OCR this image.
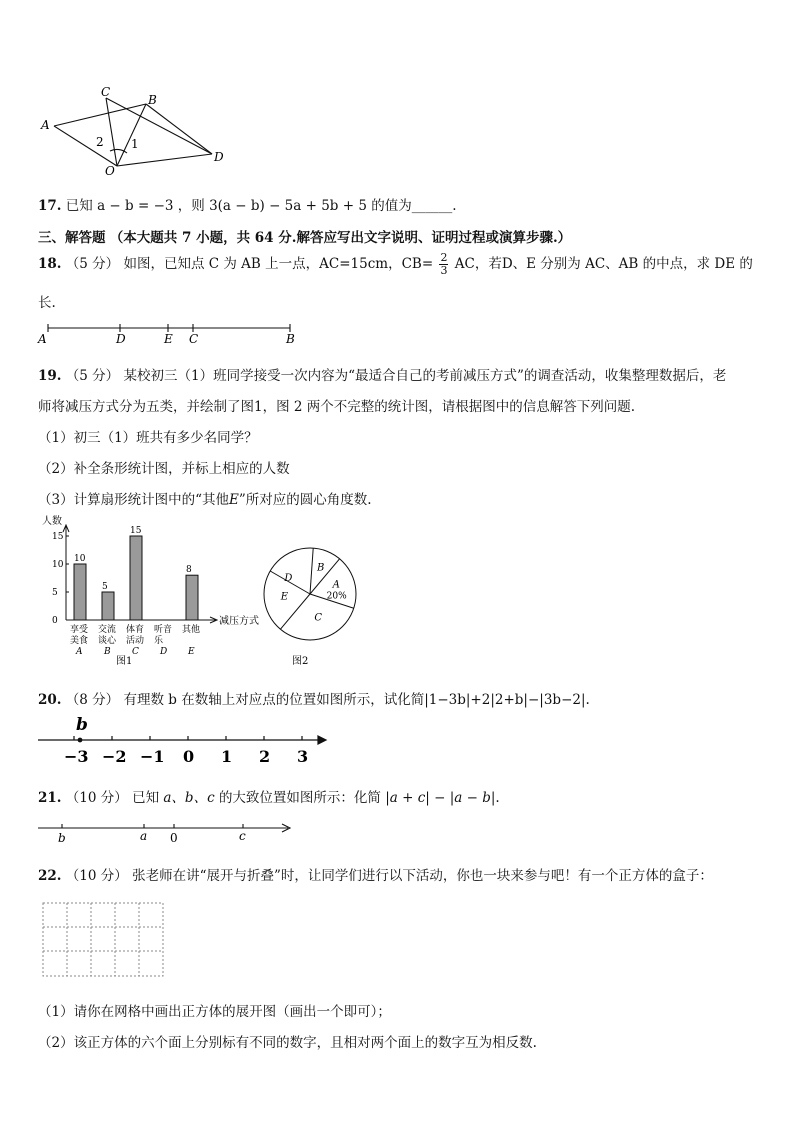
C
B
A
D
O
2 1
17. 已知 a − b = −3 ，则 3(a − b) − 5a + 5b + 5 的值为______.
三、解答题 （本大题共 7 小题，共 64 分.解答应写出文字说明、证明过程或演算步骤.）
18. （5 分） 如图，已知点 C 为 AB 上一点，AC=15cm，$CB= \frac{2}{3}$ AC，若D、E 分别为 AC、AB 的中点，求 DE 的
长.
A	D	E C	B
19. （5 分） 某校初三（1）班同学接受一次内容为“最适合自己的考前减压方式”的调查活动，收集整理数据后，老
师将减压方式分为五类，并绘制了图1，图 2 两个不完整的统计图，请根据图中的信息解答下列问题.
（1）初三（1）班共有多少名同学？
（2）补全条形统计图，并标上相应的人数
（3）计算扇形统计图中的“其他E”所对应的圆心角度数.
人数
减压方式
图1
0
5
10
15
10
享受
美食
A
5
交流
谈心
B
15
体育
活动
C
听音
乐
D
8
其他
E
图2
A
20%
B
C
D
E
20. （8 分） 有理数 b 在数轴上对应点的位置如图所示，试化简|1−3b|+2|2+b|−|3b−2|.
b
−3 −2 −1 0 1 2 3
21. （10 分） 已知 a、b、c 的大致位置如图所示：化简 |a + c| − |a − b|.
b	a 0	c
22. （10 分） 张老师在讲“展开与折叠”时，让同学们进行以下活动，你也一块来参与吧！有一个正方体的盒子：
（1）请你在网格中画出正方体的展开图（画出一个即可）；
（2）该正方体的六个面上分别标有不同的数字，且相对两个面上的数字互为相反数.
